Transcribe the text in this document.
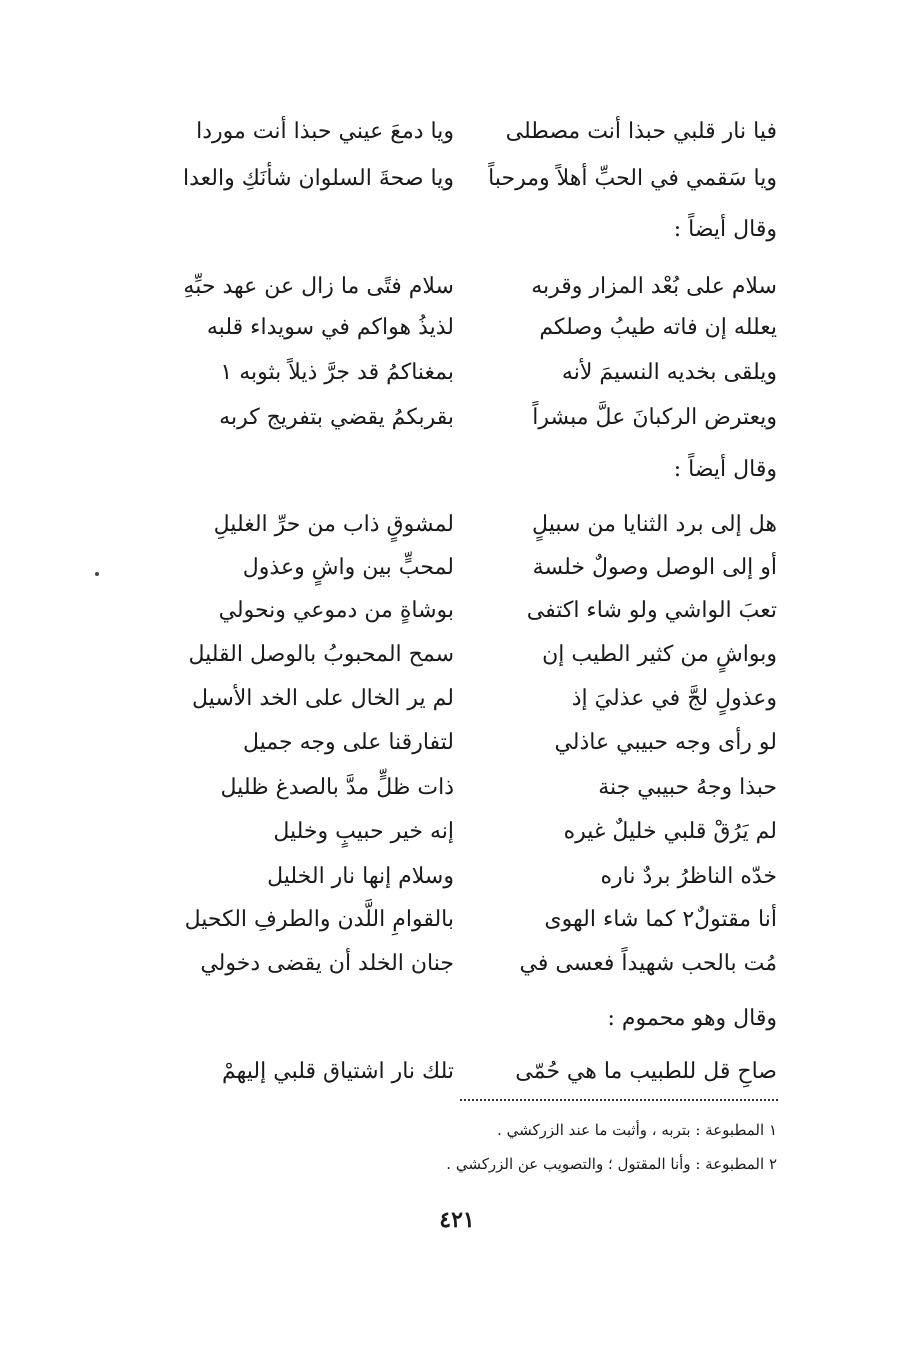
فيا نار قلبي حبذا أنت مصطلى
ويا دمعَ عيني حبذا أنت موردا
ويا سَقمي في الحبِّ أهلاً ومرحباً
ويا صحةَ السلوان شأنَكِ والعدا
وقال أيضاً :
سلام على بُعْد المزار وقربه
سلام فتًى ما زال عن عهد حبِّهِ
يعلله إن فاته طيبُ وصلكم
لذيذُ هواكم في سويداء قلبه
ويلقى بخديه النسيمَ لأنه
بمغناكمُ قد جرَّ ذيلاً بثوبه ١
ويعترض الركبانَ علَّ مبشراً
بقربكمُ يقضي بتفريج كربه
وقال أيضاً :
هل إلى برد الثنايا من سبيلٍ
لمشوقٍ ذاب من حرِّ الغليلِ
أو إلى الوصل وصولٌ خلسة
لمحبٍّ بين واشٍ وعذول
تعبَ الواشي ولو شاء اكتفى
بوشاةٍ من دموعي ونحولي
وبواشٍ من كثير الطيب إن
سمح المحبوبُ بالوصل القليل
وعذولٍ لجَّ في عذليَ إذ
لم ير الخال على الخد الأسيل
لو رأى وجه حبيبي عاذلي
لتفارقنا على وجه جميل
حبذا وجهُ حبيبي جنة
ذات ظلٍّ مدَّ بالصدغ ظليل
لم يَرُقْ قلبي خليلٌ غيره
إنه خير حبيبٍ وخليل
خدّه الناظرُ بردٌ ناره
وسلام إنها نار الخليل
أنا مقتولٌ٢ كما شاء الهوى
بالقوامِ اللَّدن والطرفِ الكحيل
مُت بالحب شهيداً فعسى في
جنان الخلد أن يقضى دخولي
وقال وهو محموم :
صاحِ قل للطبيب ما هي حُمّى
تلك نار اشتياق قلبي إليهمْ
١ المطبوعة : بتربه ، وأثبت ما عند الزركشي .
٢ المطبوعة : وأنا المقتول ؛ والتصويب عن الزركشي .
٤٢١
